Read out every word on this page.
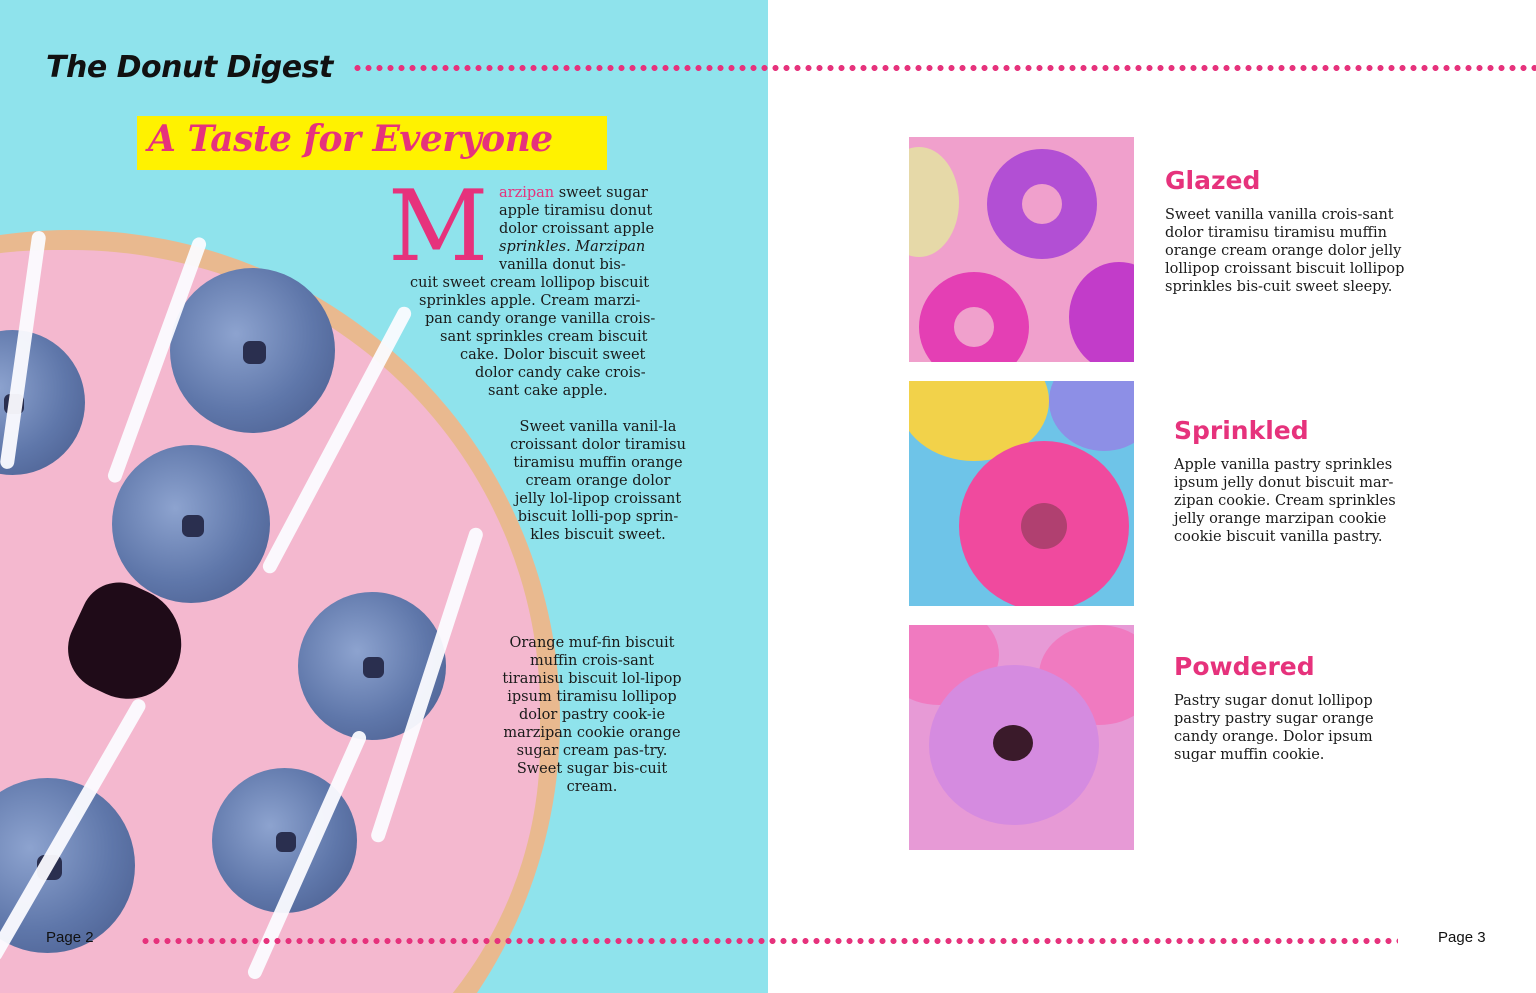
The Donut Digest
A Taste for Everyone
M arzipan sweet sugar
apple tiramisu donut
dolor croissant apple
sprinkles. Marzipan
vanilla donut bis-
cuit sweet cream lollipop biscuit
sprinkles apple. Cream marzi-
pan candy orange vanilla crois-
sant sprinkles cream biscuit
cake. Dolor biscuit sweet
dolor candy cake crois-
sant cake apple.
Sweet vanilla vanil-la croissant dolor tiramisu tiramisu muffin orange cream orange dolor jelly lol-lipop croissant biscuit lolli-pop sprin-kles biscuit sweet.
Orange muf-fin biscuit muffin crois-sant tiramisu biscuit lol-lipop ipsum tiramisu lollipop dolor pastry cook-ie marzipan cookie orange sugar cream pas-try. Sweet sugar bis-cuit cream.
Glazed
Sweet vanilla vanilla crois-sant dolor tiramisu tiramisu muffin orange cream orange dolor jelly lollipop croissant biscuit lollipop sprinkles bis-cuit sweet sleepy.
Sprinkled
Apple vanilla pastry sprinkles ipsum jelly donut biscuit mar-zipan cookie. Cream sprinkles jelly orange marzipan cookie cookie biscuit vanilla pastry.
Powdered
Pastry sugar donut lollipop pastry pastry sugar orange candy orange. Dolor ipsum sugar muffin cookie.
Page 2	Page 3
